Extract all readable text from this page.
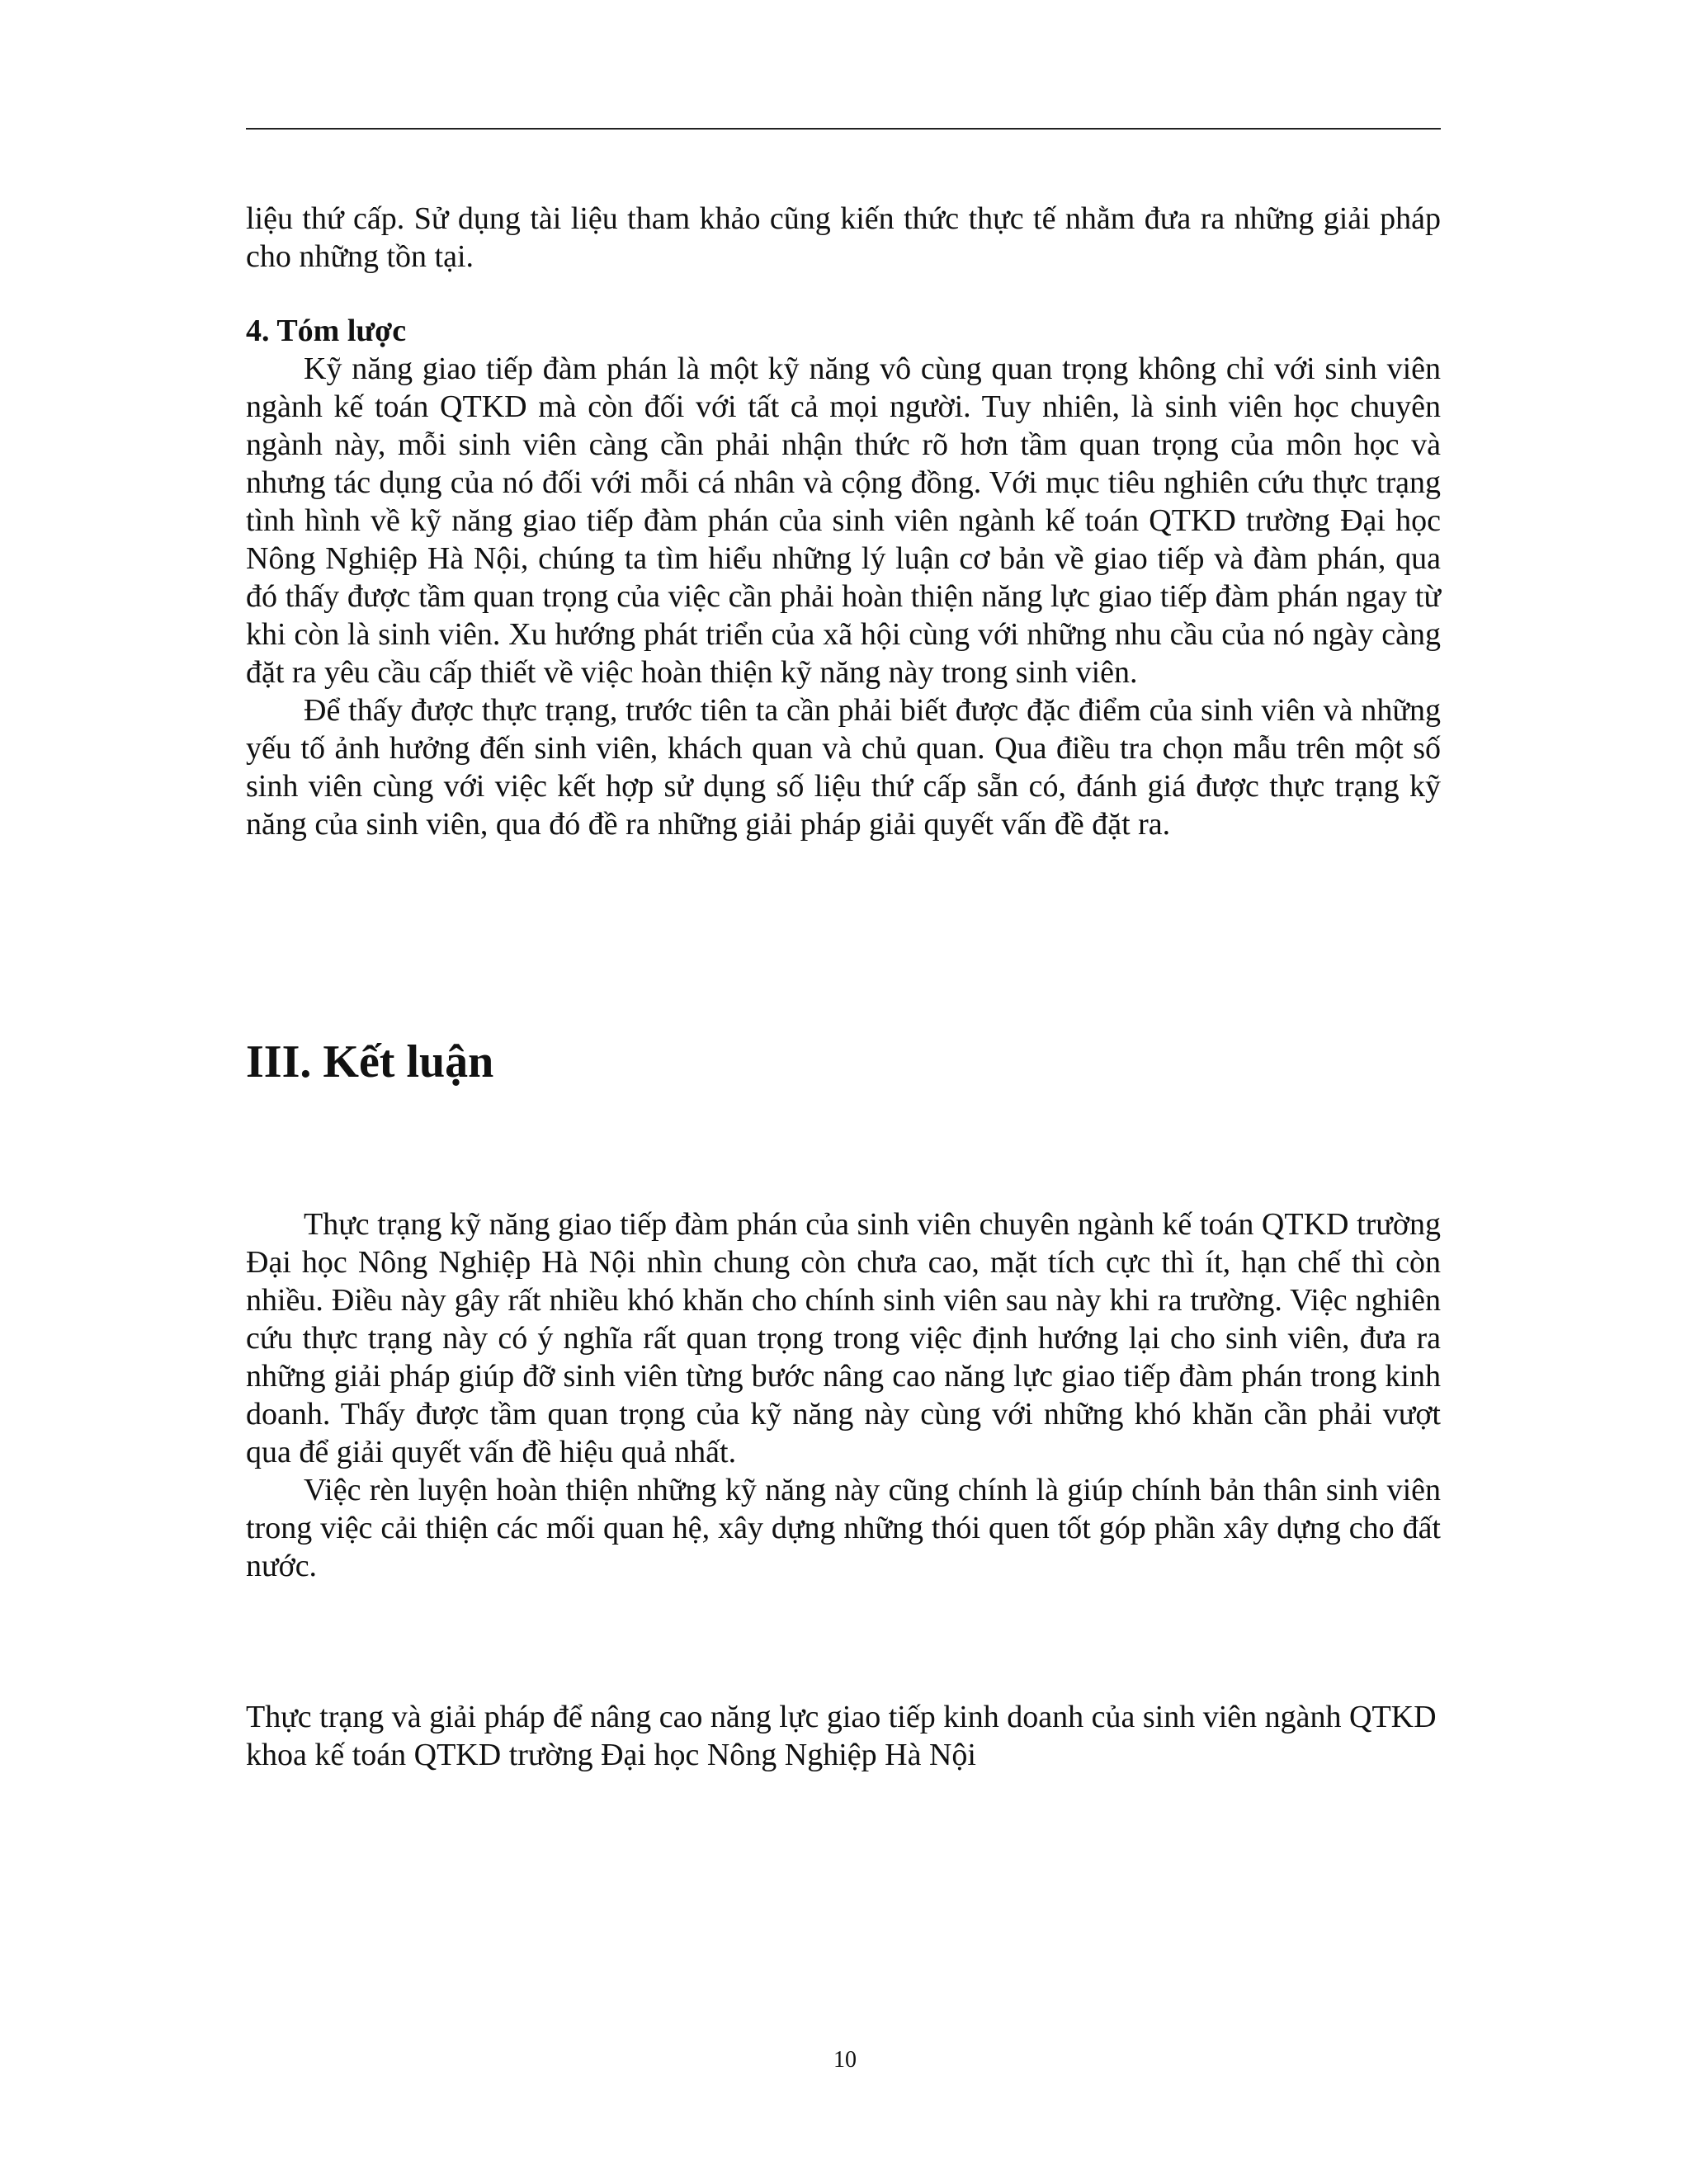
liệu thứ cấp. Sử dụng tài liệu tham khảo cũng kiến thức thực tế nhằm đưa ra những giải pháp cho những tồn tại.

4. Tóm lược

Kỹ năng giao tiếp đàm phán là một kỹ năng vô cùng quan trọng không chỉ với sinh viên ngành kế toán QTKD mà còn đối với tất cả mọi người. Tuy nhiên, là sinh viên học chuyên ngành này, mỗi sinh viên càng cần phải nhận thức rõ hơn tầm quan trọng của môn học và nhưng tác dụng của nó đối với mỗi cá nhân và cộng đồng. Với mục tiêu nghiên cứu thực trạng tình hình về kỹ năng giao tiếp đàm phán của sinh viên ngành kế toán QTKD trường Đại học Nông Nghiệp Hà Nội, chúng ta tìm hiểu những lý luận cơ bản về giao tiếp và đàm phán, qua đó thấy được tầm quan trọng của việc cần phải hoàn thiện năng lực giao tiếp đàm phán ngay từ khi còn là sinh viên. Xu hướng phát triển của xã hội cùng với những nhu cầu của nó ngày càng đặt ra yêu cầu cấp thiết về việc hoàn thiện kỹ năng này trong sinh viên.

Để thấy được thực trạng, trước tiên ta cần phải biết được đặc điểm của sinh viên và những yếu tố ảnh hưởng đến sinh viên, khách quan và chủ quan. Qua điều tra chọn mẫu trên một số sinh viên cùng với việc kết hợp sử dụng số liệu thứ cấp sẵn có, đánh giá được thực trạng kỹ năng của sinh viên, qua đó đề ra những giải pháp giải quyết vấn đề đặt ra.

III. Kết luận

Thực trạng kỹ năng giao tiếp đàm phán của sinh viên chuyên ngành kế toán QTKD trường Đại học Nông Nghiệp Hà Nội nhìn chung còn chưa cao, mặt tích cực thì ít, hạn chế thì còn nhiều. Điều này gây rất nhiều khó khăn cho chính sinh viên sau này khi ra trường. Việc nghiên cứu thực trạng này có ý nghĩa rất quan trọng trong việc định hướng lại cho sinh viên, đưa ra những giải pháp giúp đỡ sinh viên từng bước nâng cao năng lực giao tiếp đàm phán trong kinh doanh. Thấy được tầm quan trọng của kỹ năng này cùng với những khó khăn cần phải vượt qua để giải quyết vấn đề hiệu quả nhất.

Việc rèn luyện hoàn thiện những kỹ năng này cũng chính là giúp chính bản thân sinh viên trong việc cải thiện các mối quan hệ, xây dựng những thói quen tốt góp phần xây dựng cho đất nước.

Thực trạng và giải pháp để nâng cao năng lực giao tiếp kinh doanh của sinh viên ngành QTKD khoa kế toán QTKD trường Đại học Nông Nghiệp Hà Nội

10
